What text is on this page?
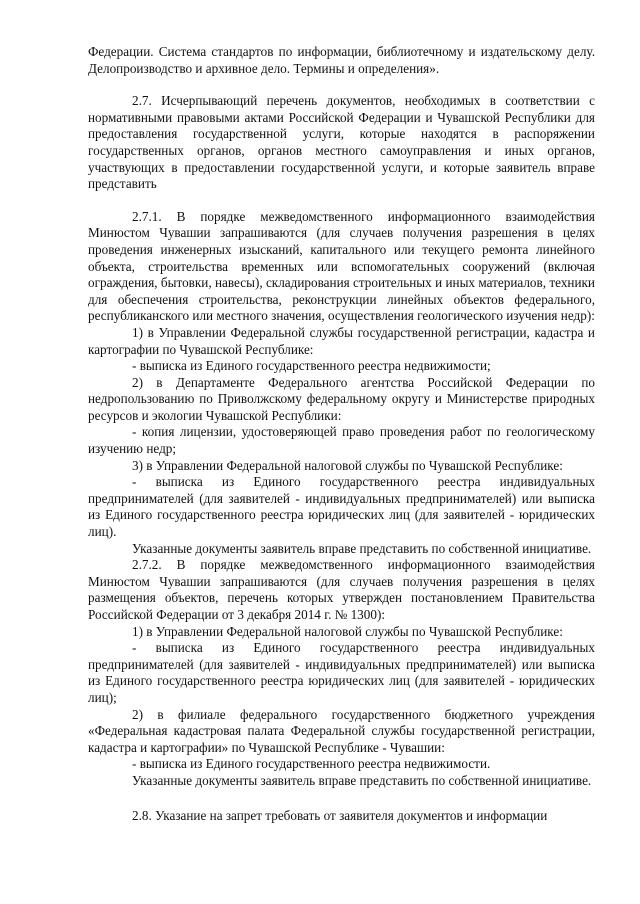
Федерации. Система стандартов по информации, библиотечному и издательскому делу. Делопроизводство и архивное дело. Термины и определения».

2.7. Исчерпывающий перечень документов, необходимых в соответствии с нормативными правовыми актами Российской Федерации и Чувашской Республики для предоставления государственной услуги, которые находятся в распоряжении государственных органов, органов местного самоуправления и иных органов, участвующих в предоставлении государственной услуги, и которые заявитель вправе представить

2.7.1. В порядке межведомственного информационного взаимодействия Минюстом Чувашии запрашиваются (для случаев получения разрешения в целях проведения инженерных изысканий, капитального или текущего ремонта линейного объекта, строительства временных или вспомогательных сооружений (включая ограждения, бытовки, навесы), складирования строительных и иных материалов, техники для обеспечения строительства, реконструкции линейных объектов федерального, республиканского или местного значения, осуществления геологического изучения недр):

1) в Управлении Федеральной службы государственной регистрации, кадастра и картографии по Чувашской Республике:

- выписка из Единого государственного реестра недвижимости;

2) в Департаменте Федерального агентства Российской Федерации по недропользованию по Приволжскому федеральному округу и Министерстве природных ресурсов и экологии Чувашской Республики:

- копия лицензии, удостоверяющей право проведения работ по геологическому изучению недр;

3) в Управлении Федеральной налоговой службы по Чувашской Республике:

- выписка из Единого государственного реестра индивидуальных предпринимателей (для заявителей - индивидуальных предпринимателей) или выписка из Единого государственного реестра юридических лиц (для заявителей - юридических лиц).

Указанные документы заявитель вправе представить по собственной инициативе.

2.7.2. В порядке межведомственного информационного взаимодействия Минюстом Чувашии запрашиваются (для случаев получения разрешения в целях размещения объектов, перечень которых утвержден постановлением Правительства Российской Федерации от 3 декабря 2014 г. № 1300):

1) в Управлении Федеральной налоговой службы по Чувашской Республике:

- выписка из Единого государственного реестра индивидуальных предпринимателей (для заявителей - индивидуальных предпринимателей) или выписка из Единого государственного реестра юридических лиц (для заявителей - юридических лиц);

2) в филиале федерального государственного бюджетного учреждения «Федеральная кадастровая палата Федеральной службы государственной регистрации, кадастра и картографии» по Чувашской Республике - Чувашии:

- выписка из Единого государственного реестра недвижимости.

Указанные документы заявитель вправе представить по собственной инициативе.

2.8. Указание на запрет требовать от заявителя документов и информации
